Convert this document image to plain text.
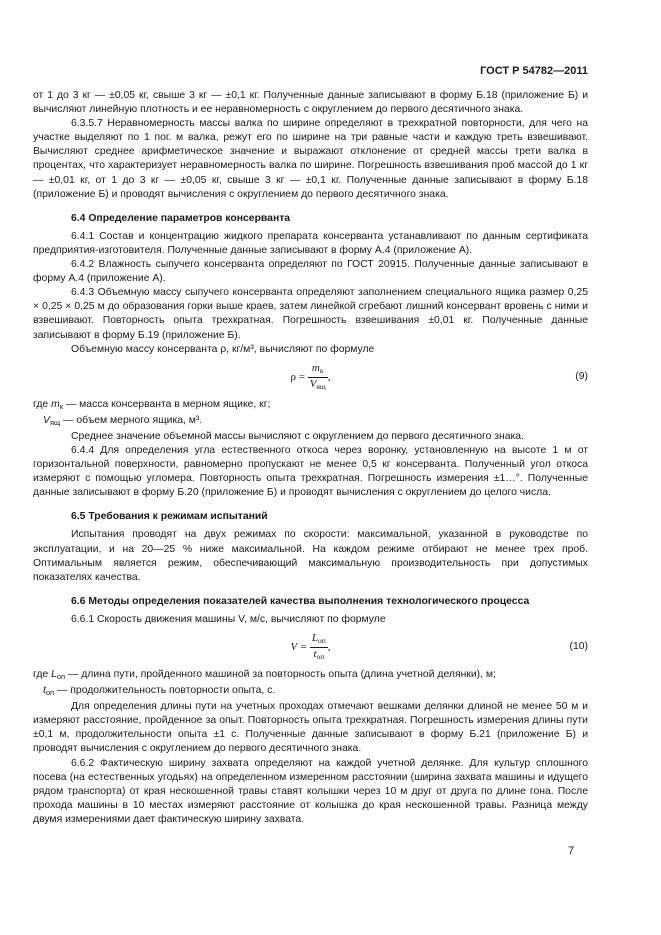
ГОСТ Р 54782—2011

от 1 до 3 кг — ±0,05 кг, свыше 3 кг — ±0,1 кг. Полученные данные записывают в форму Б.18 (приложение Б) и вычисляют линейную плотность и ее неравномерность с округлением до первого десятичного знака.

6.3.5.7 Неравномерность массы валка по ширине определяют в трехкратной повторности, для чего на участке выделяют по 1 пог. м валка, режут его по ширине на три равные части и каждую треть взвешивают. Вычисляют среднее арифметическое значение и выражают отклонение от средней массы трети валка в процентах, что характеризует неравномерность валка по ширине. Погрешность взвешивания проб массой до 1 кг — ±0,01 кг, от 1 до 3 кг — ±0,05 кг, свыше 3 кг — ±0,1 кг. Полученные данные записывают в форму Б.18 (приложение Б) и проводят вычисления с округлением до первого десятичного знака.

6.4 Определение параметров консерванта

6.4.1 Состав и концентрацию жидкого препарата консерванта устанавливают по данным сертификата предприятия-изготовителя. Полученные данные записывают в форму А.4 (приложение А).

6.4.2 Влажность сыпучего консерванта определяют по ГОСТ 20915. Полученные данные записывают в форму А.4 (приложение А).

6.4.3 Объемную массу сыпучего консерванта определяют заполнением специального ящика размер 0,25 × 0,25 × 0,25 м до образования горки выше краев, затем линейкой сгребают лишний консервант вровень с ними и взвешивают. Повторность опыта трехкратная. Погрешность взвешивания ±0,01 кг. Полученные данные записывают в форму Б.19 (приложение Б).

Объемную массу консерванта ρ, кг/м³, вычисляют по формуле

$\rho = \frac{m_к}{V_{ящ}}$ ,	(9)

где $m_к$ — масса консерванта в мерном ящике, кг;

$V_{ящ}$ — объем мерного ящика, м³.

Среднее значение объемной массы вычисляют с округлением до первого десятичного знака.

6.4.4 Для определения угла естественного откоса через воронку, установленную на высоте 1 м от горизонтальной поверхности, равномерно пропускают не менее 0,5 кг консерванта. Полученный угол откоса измеряют с помощью угломера. Повторность опыта трехкратная. Погрешность измерения ±1…°. Полученные данные записывают в форму Б.20 (приложение Б) и проводят вычисления с округлением до целого числа.

6.5 Требования к режимам испытаний

Испытания проводят на двух режимах по скорости: максимальной, указанной в руководстве по эксплуатации, и на 20—25 % ниже максимальной. На каждом режиме отбирают не менее трех проб. Оптимальным является режим, обеспечивающий максимальную производительность при допустимых показателях качества.

6.6 Методы определения показателей качества выполнения технологического процесса

6.6.1 Скорость движения машины V, м/с, вычисляют по формуле

$V = \frac{L_{оп}}{t_{оп}}$ ,	(10)

где $L_{оп}$ — длина пути, пройденного машиной за повторность опыта (длина учетной делянки), м;

$t_{оп}$ — продолжительность повторности опыта, с.

Для определения длины пути на учетных проходах отмечают вешками делянки длиной не менее 50 м и измеряют расстояние, пройденное за опыт. Повторность опыта трехкратная. Погрешность измерения длины пути ±0,1 м, продолжительности опыта ±1 с. Полученные данные записывают в форму Б.21 (приложение Б) и проводят вычисления с округлением до первого десятичного знака.

6.6.2 Фактическую ширину захвата определяют на каждой учетной делянке. Для культур сплошного посева (на естественных угодьях) на определенном измеренном расстоянии (ширина захвата машины и идущего рядом транспорта) от края нескошенной травы ставят колышки через 10 м друг от друга по длине гона. После прохода машины в 10 местах измеряют расстояние от колышка до края нескошенной травы. Разница между двумя измерениями дает фактическую ширину захвата.

7
